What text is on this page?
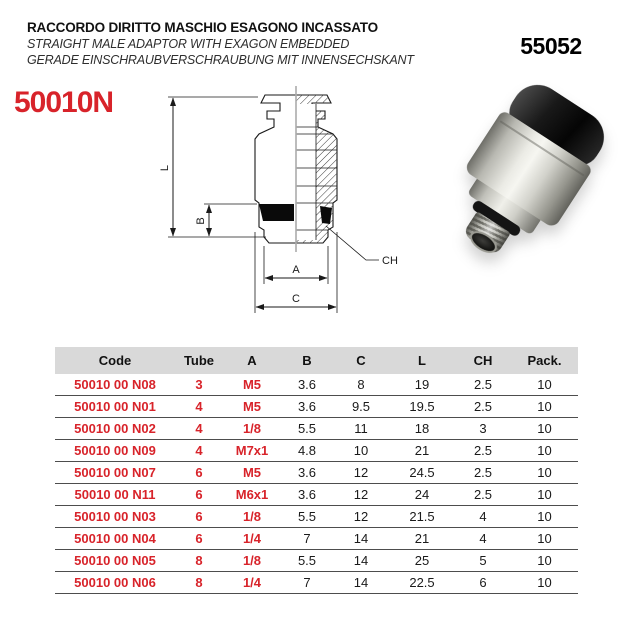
RACCORDO DIRITTO MASCHIO ESAGONO INCASSATO
STRAIGHT MALE ADAPTOR WITH EXAGON EMBEDDED
GERADE EINSCHRAUBVERSCHRAUBUNG MIT INNENSECHSKANT
55052
50010N
L
B
A
C
CH
Code	Tube	A	B	C	L	CH	Pack.
50010 00 N08	3	M5	3.6	8	19	2.5	10
50010 00 N01	4	M5	3.6	9.5	19.5	2.5	10
50010 00 N02	4	1/8	5.5	11	18	3	10
50010 00 N09	4	M7x1	4.8	10	21	2.5	10
50010 00 N07	6	M5	3.6	12	24.5	2.5	10
50010 00 N11	6	M6x1	3.6	12	24	2.5	10
50010 00 N03	6	1/8	5.5	12	21.5	4	10
50010 00 N04	6	1/4	7	14	21	4	10
50010 00 N05	8	1/8	5.5	14	25	5	10
50010 00 N06	8	1/4	7	14	22.5	6	10
